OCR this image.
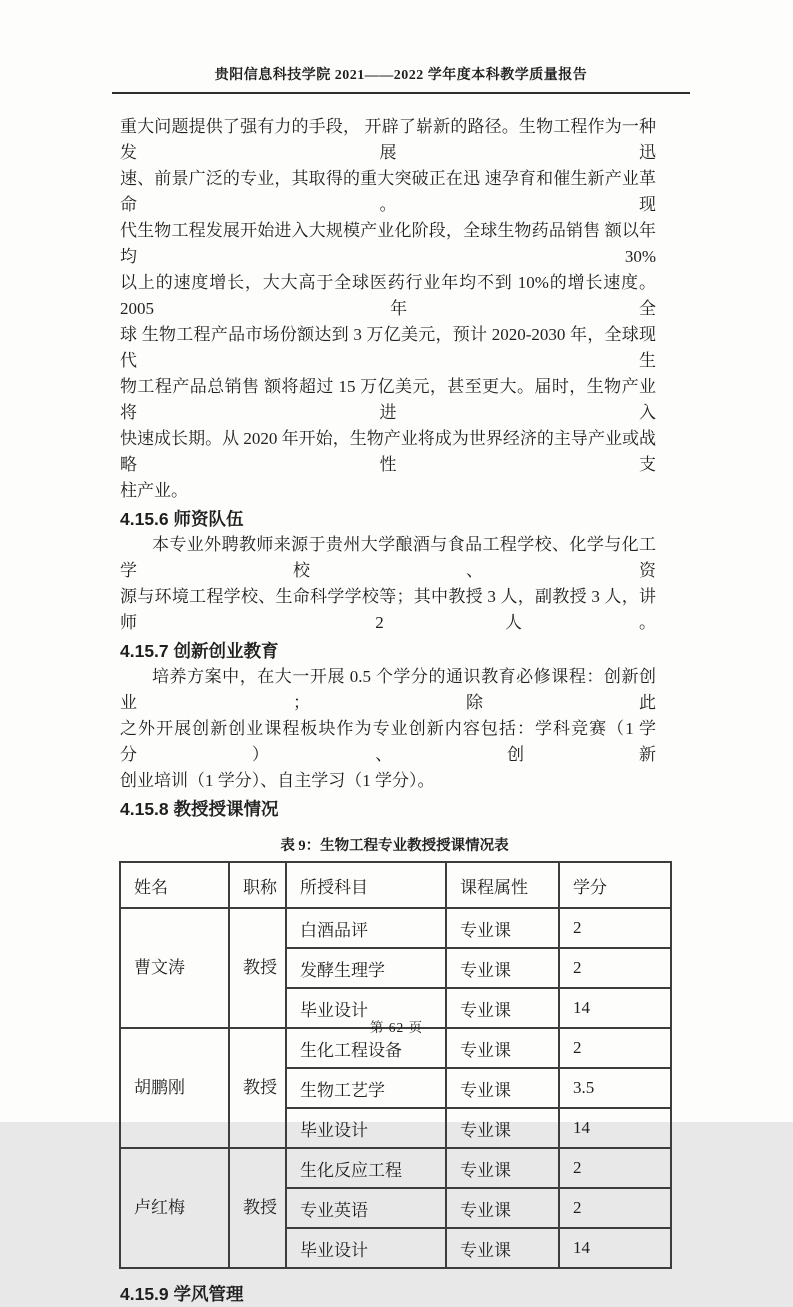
贵阳信息科技学院 2021——2022 学年度本科教学质量报告
重大问题提供了强有力的手段， 开辟了崭新的路径。生物工程作为一种发展迅
速、前景广泛的专业，其取得的重大突破正在迅 速孕育和催生新产业革命。现
代生物工程发展开始进入大规模产业化阶段，全球生物药品销售 额以年均 30%
以上的速度增长，大大高于全球医药行业年均不到 10%的增长速度。2005 年全
球 生物工程产品市场份额达到 3 万亿美元，预计 2020-2030 年，全球现代生
物工程产品总销售 额将超过 15 万亿美元，甚至更大。届时，生物产业将进入
快速成长期。从 2020 年开始，生物产业将成为世界经济的主导产业或战略性支
柱产业。
4.15.6 师资队伍
本专业外聘教师来源于贵州大学酿酒与食品工程学校、化学与化工学校、资
源与环境工程学校、生命科学学校等；其中教授 3 人，副教授 3 人，讲师 2 人。
4.15.7 创新创业教育
培养方案中，在大一开展 0.5 个学分的通识教育必修课程：创新创业；除此
之外开展创新创业课程板块作为专业创新内容包括：学科竞赛（1 学分）、创新
创业培训（1 学分）、自主学习（1 学分）。
4.15.8 教授授课情况
表 9：生物工程专业教授授课情况表
姓名	职称	所授科目	课程属性	学分
曹文涛	教授	白酒品评	专业课	2
		发酵生理学	专业课	2
		毕业设计	专业课	14
胡鹏刚	教授	生化工程设备	专业课	2
		生物工艺学	专业课	3.5
		毕业设计	专业课	14
卢红梅	教授	生化反应工程	专业课	2
		专业英语	专业课	2
		毕业设计	专业课	14
4.15.9 学风管理
第 62 页
